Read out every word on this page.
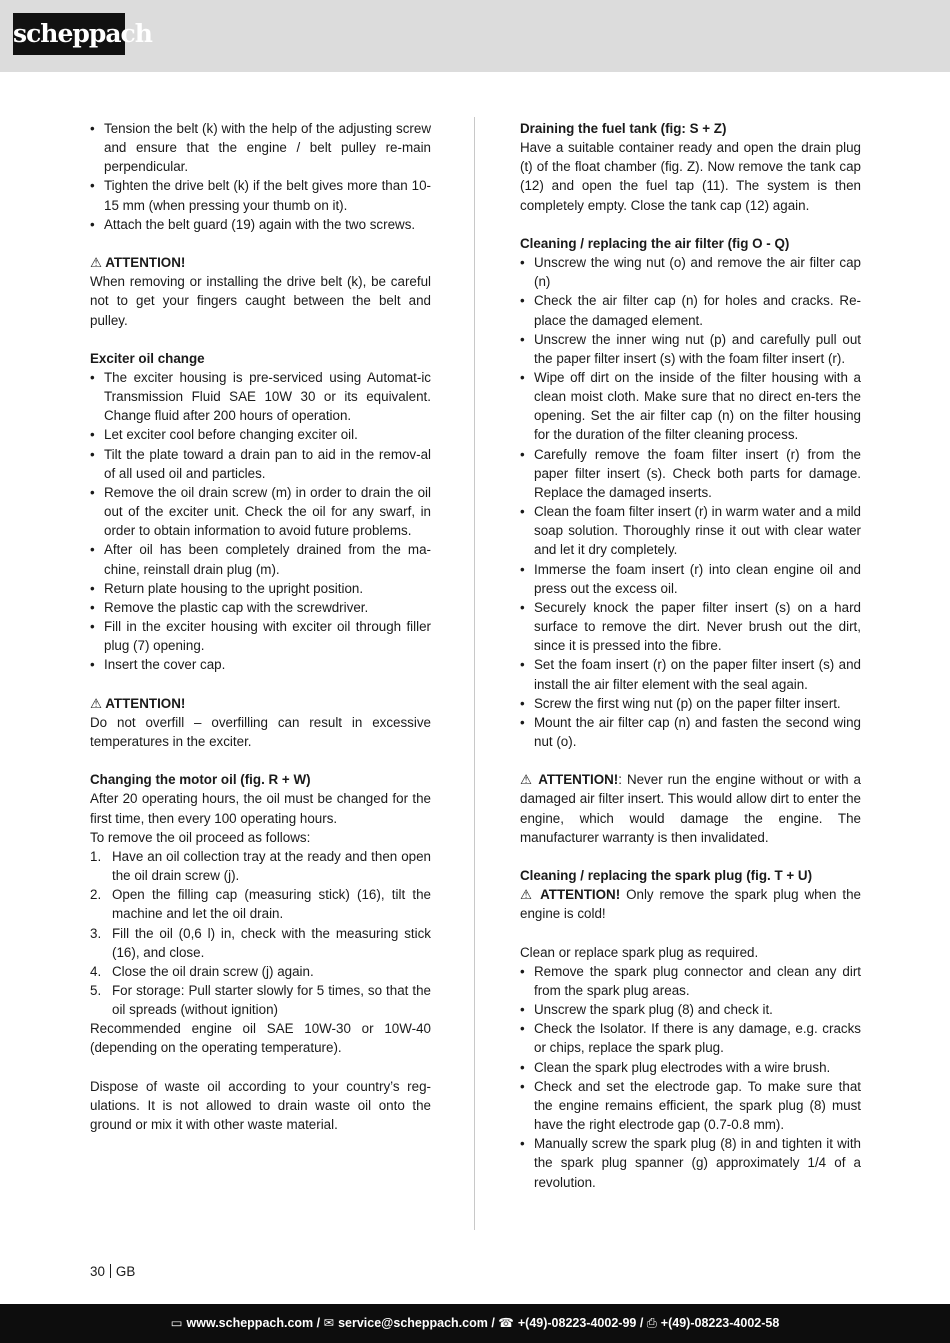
scheppach
• Tension the belt (k) with the help of the adjusting screw and ensure that the engine / belt pulley re-main perpendicular.
• Tighten the drive belt (k) if the belt gives more than 10-15 mm (when pressing your thumb on it).
• Attach the belt guard (19) again with the two screws.

⚠ ATTENTION!

When removing or installing the drive belt (k), be careful not to get your fingers caught between the belt and pulley.

Exciter oil change

• The exciter housing is pre-serviced using Automat-ic Transmission Fluid SAE 10W 30 or its equivalent. Change fluid after 200 hours of operation.
• Let exciter cool before changing exciter oil.
• Tilt the plate toward a drain pan to aid in the remov-al of all used oil and particles.
• Remove the oil drain screw (m) in order to drain the oil out of the exciter unit. Check the oil for any swarf, in order to obtain information to avoid future problems.
• After oil has been completely drained from the ma-chine, reinstall drain plug (m).
• Return plate housing to the upright position.
• Remove the plastic cap with the screwdriver.
• Fill in the exciter housing with exciter oil through filler plug (7) opening.
• Insert the cover cap.

⚠ ATTENTION!

Do not overfill – overfilling can result in excessive temperatures in the exciter.

Changing the motor oil (fig. R + W)

After 20 operating hours, the oil must be changed for the first time, then every 100 operating hours.

To remove the oil proceed as follows:

1. Have an oil collection tray at the ready and then open the oil drain screw (j).
2. Open the filling cap (measuring stick) (16), tilt the machine and let the oil drain.
3. Fill the oil (0,6 l) in, check with the measuring stick (16), and close.
4. Close the oil drain screw (j) again.
5. For storage: Pull starter slowly for 5 times, so that the oil spreads (without ignition)

Recommended engine oil SAE 10W-30 or 10W-40 (depending on the operating temperature).

Dispose of waste oil according to your country’s reg-ulations. It is not allowed to drain waste oil onto the ground or mix it with other waste material.

Draining the fuel tank (fig: S + Z)

Have a suitable container ready and open the drain plug (t) of the float chamber (fig. Z). Now remove the tank cap (12) and open the fuel tap (11). The system is then completely empty. Close the tank cap (12) again.

Cleaning / replacing the air filter (fig O - Q)

• Unscrew the wing nut (o) and remove the air filter cap (n)
• Check the air filter cap (n) for holes and cracks. Re-place the damaged element.
• Unscrew the inner wing nut (p) and carefully pull out the paper filter insert (s) with the foam filter insert (r).
• Wipe off dirt on the inside of the filter housing with a clean moist cloth. Make sure that no direct en-ters the opening. Set the air filter cap (n) on the filter housing for the duration of the filter cleaning process.
• Carefully remove the foam filter insert (r) from the paper filter insert (s). Check both parts for damage. Replace the damaged inserts.
• Clean the foam filter insert (r) in warm water and a mild soap solution. Thoroughly rinse it out with clear water and let it dry completely.
• Immerse the foam insert (r) into clean engine oil and press out the excess oil.
• Securely knock the paper filter insert (s) on a hard surface to remove the dirt. Never brush out the dirt, since it is pressed into the fibre.
• Set the foam insert (r) on the paper filter insert (s) and install the air filter element with the seal again.
• Screw the first wing nut (p) on the paper filter insert.
• Mount the air filter cap (n) and fasten the second wing nut (o).

⚠ ATTENTION!: Never run the engine without or with a damaged air filter insert. This would allow dirt to enter the engine, which would damage the engine. The manufacturer warranty is then invalidated.

Cleaning / replacing the spark plug (fig. T + U)

⚠ ATTENTION! Only remove the spark plug when the engine is cold!

Clean or replace spark plug as required.

• Remove the spark plug connector and clean any dirt from the spark plug areas.
• Unscrew the spark plug (8) and check it.
• Check the Isolator. If there is any damage, e.g. cracks or chips, replace the spark plug.
• Clean the spark plug electrodes with a wire brush.
• Check and set the electrode gap. To make sure that the engine remains efficient, the spark plug (8) must have the right electrode gap (0.7-0.8 mm).
• Manually screw the spark plug (8) in and tighten it with the spark plug spanner (g) approximately 1/4 of a revolution.
30 GB
▭ www.scheppach.com / ✉ service@scheppach.com / ☎ +(49)-08223-4002-99 / ⎙ +(49)-08223-4002-58
